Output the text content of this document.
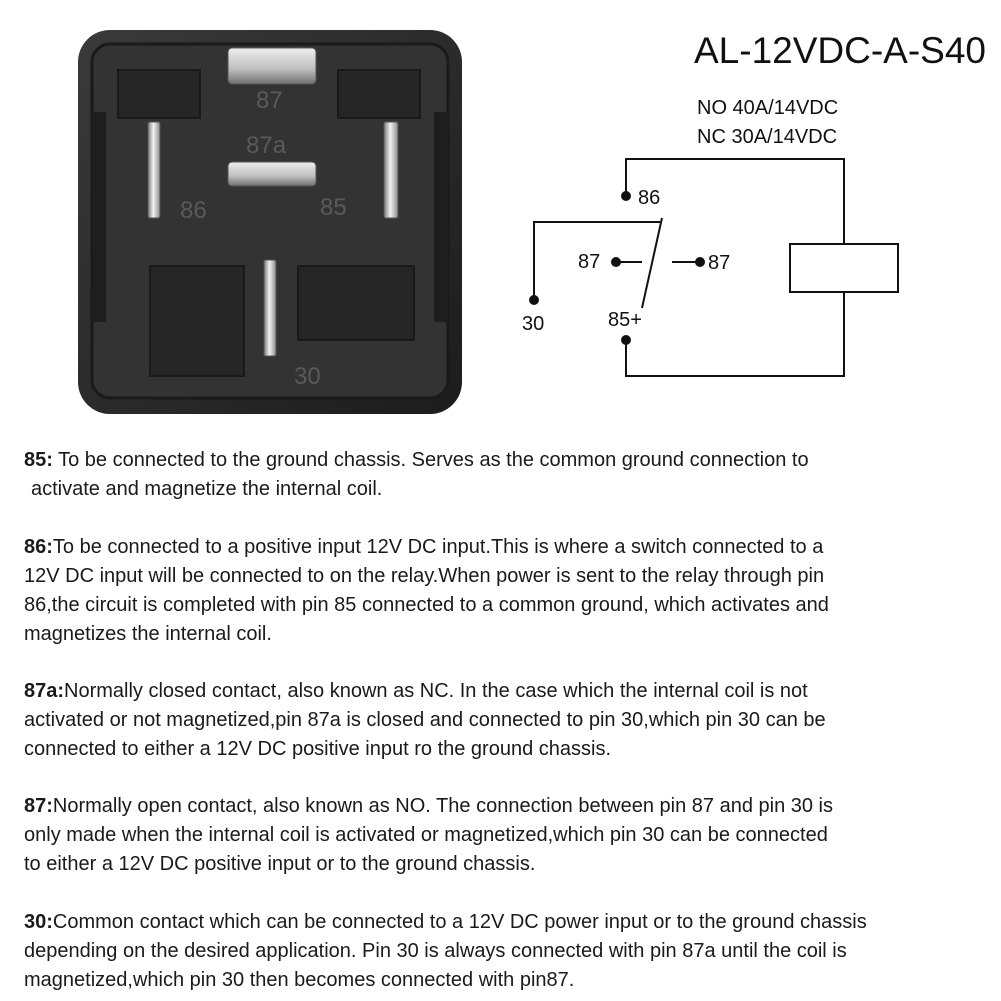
87
87a
86	85
30
AL-12VDC-A-S40
NO 40A/14VDC
NC 30A/14VDC
86
87	87
30	85+
85: To be connected to the ground chassis. Serves as the common ground connection to
activate and magnetize the internal coil.
86:To be connected to a positive input 12V DC input.This is where a switch connected to a
12V DC input will be connected to on the relay.When power is sent to the relay through pin
86,the circuit is completed with pin 85 connected to a common ground, which activates and
magnetizes the internal coil.
87a:Normally closed contact, also known as NC. In the case which the internal coil is not
activated or not magnetized,pin 87a is closed and connected to pin 30,which pin 30 can be
connected to either a 12V DC positive input ro the ground chassis.
87:Normally open contact, also known as NO. The connection between pin 87 and pin 30 is
only made when the internal coil is activated or magnetized,which pin 30 can be connected
to either a 12V DC positive input or to the ground chassis.
30:Common contact which can be connected to a 12V DC power input or to the ground chassis
depending on the desired application. Pin 30 is always connected with pin 87a until the coil is
magnetized,which pin 30 then becomes connected with pin87.
